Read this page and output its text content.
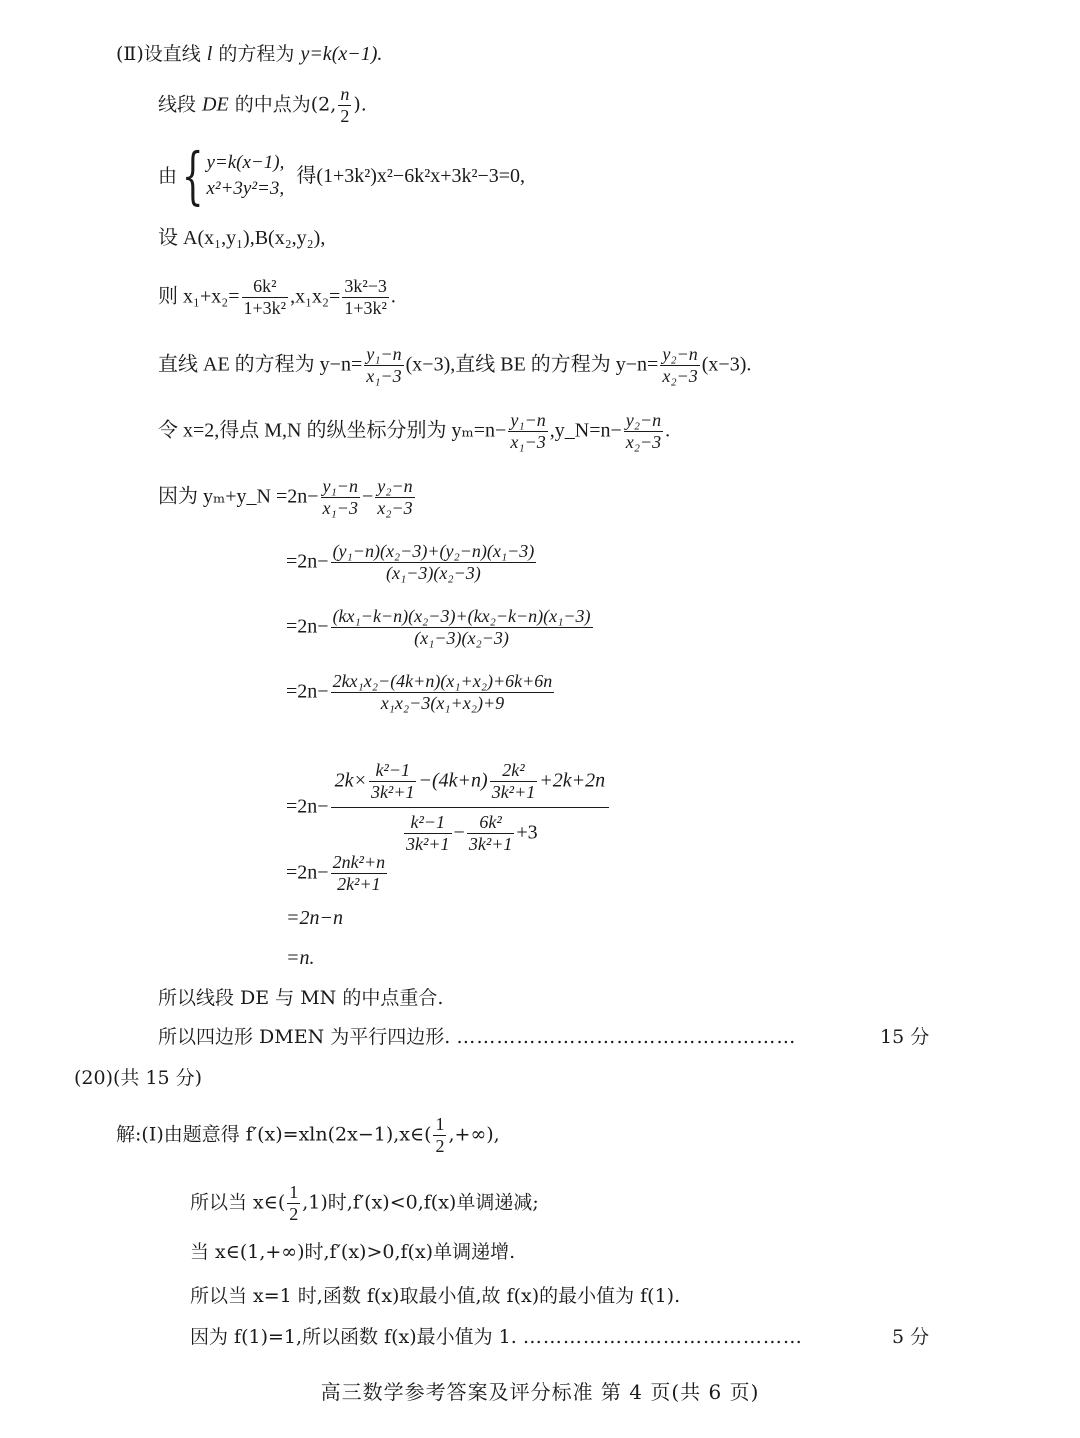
(Ⅱ)设直线 l 的方程为 y=k(x−1).
线段 DE 的中点为(2, $\frac{n}{2}$ ).
由 { y=k(x−1),
x²+3y²=3,
得(1+3k²)x²−6k²x+3k²−3=0,
设 A(x₁,y₁),B(x₂,y₂),
则 $x_1+x_2= \frac{\text{6k²}}{\text{1+3k²}} ,x_1x_2= \frac{\text{3k²−3}}{\text{1+3k²}}$ .
直线 AE 的方程为 $y-n= \frac{\text{y₁−n}}{\text{x₁−3}} (x-3)$,直线 BE 的方程为 $y-n= \frac{\text{y₂−n}}{\text{x₂−3}} (x-3)$.
令 x=2,得点 M,N 的纵坐标分别为 $y_m=n- \frac{\text{y₁−n}}{\text{x₁−3}}$ ,y_N=n− $\frac{\text{y₂−n}}{\text{x₂−3}}$ .
因为 yₘ+y_N $=2n- \frac{\text{y₁−n}}{\text{x₁−3}} - \frac{\text{y₂−n}}{\text{x₂−3}}$
$=2n- \frac{\text{(y₁−n)(x₂−3)+(y₂−n)(x₁−3)}}{\text{(x₁−3)(x₂−3)}}$
$=2n- \frac{\text{(kx₁−k−n)(x₂−3)+(kx₂−k−n)(x₁−3)}}{\text{(x₁−3)(x₂−3)}}$
$=2n- \frac{\text{2kx₁x₂−(4k+n)(x₁+x₂)+6k+6n}}{\text{x₁x₂−3(x₁+x₂)+9}}$
$=2n- \frac{2k\times \frac{\text{k²−1}}{\text{3k²+1}} -(4k+n) \frac{\text{2k²}}{\text{3k²+1}} +2k+2n}{\frac{\text{k²−1}}{\text{3k²+1}} - \frac{\text{6k²}}{\text{3k²+1}} +3}$
$=2n- \frac{\text{2nk²+n}}{\text{2k²+1}}$
=2n−n
=n.
所以线段 DE 与 MN 的中点重合.
所以四边形 DMEN 为平行四边形. ……………………………………………	15 分
(20)(共 15 分)
解:(Ⅰ)由题意得 f′(x)=xln(2x−1),x∈( $\frac{1}{2}$ ,+∞),
所以当 x∈( $\frac{1}{2} ,1$)时,f′(x)<0,f(x)单调递减;
当 x∈(1,+∞)时,f′(x)>0,f(x)单调递增.
所以当 x=1 时,函数 f(x)取最小值,故 f(x)的最小值为 f(1).
因为 f(1)=1,所以函数 f(x)最小值为 1. ……………………………………	5 分
高三数学参考答案及评分标准 第 4 页(共 6 页)
